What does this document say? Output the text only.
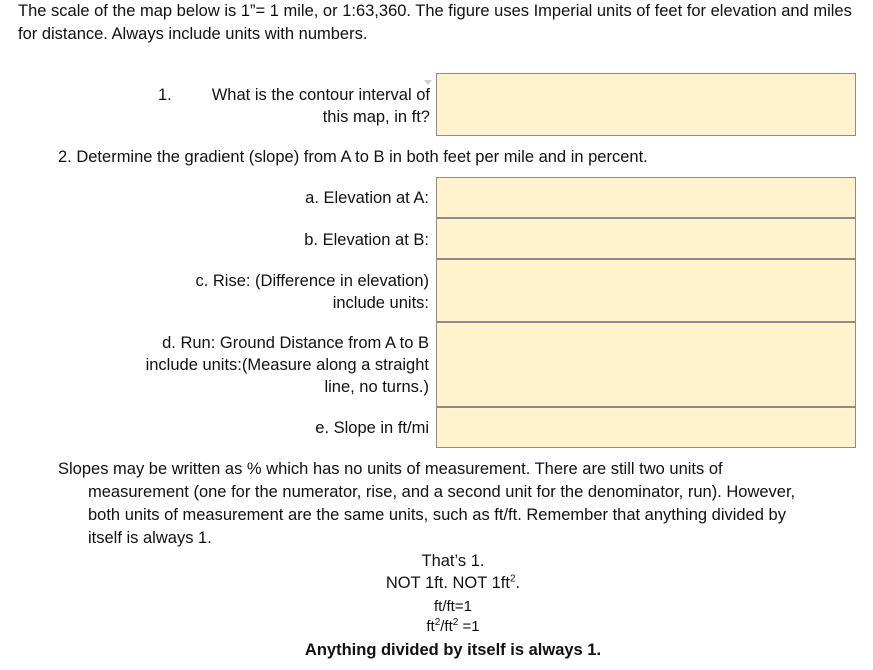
The scale of the map below is 1”= 1 mile, or 1:63,360. The figure uses Imperial units of feet for elevation and miles for distance. Always include units with numbers.
1.	What is the contour interval of
this map, in ft?
2. Determine the gradient (slope) from A to B in both feet per mile and in percent.
a. Elevation at A:
b. Elevation at B:
c. Rise: (Difference in elevation)
include units:
d. Run: Ground Distance from A to B
include units:(Measure along a straight
line, no turns.)
e. Slope in ft/mi
Slopes may be written as % which has no units of measurement. There are still two units of
measurement (one for the numerator, rise, and a second unit for the denominator, run). However, both units of measurement are the same units, such as ft/ft. Remember that anything divided by itself is always 1.
That’s 1.
NOT 1ft. NOT $1ft^2$.
ft/ft=1
$ft^2/ft^2 =1$
Anything divided by itself is always 1.
